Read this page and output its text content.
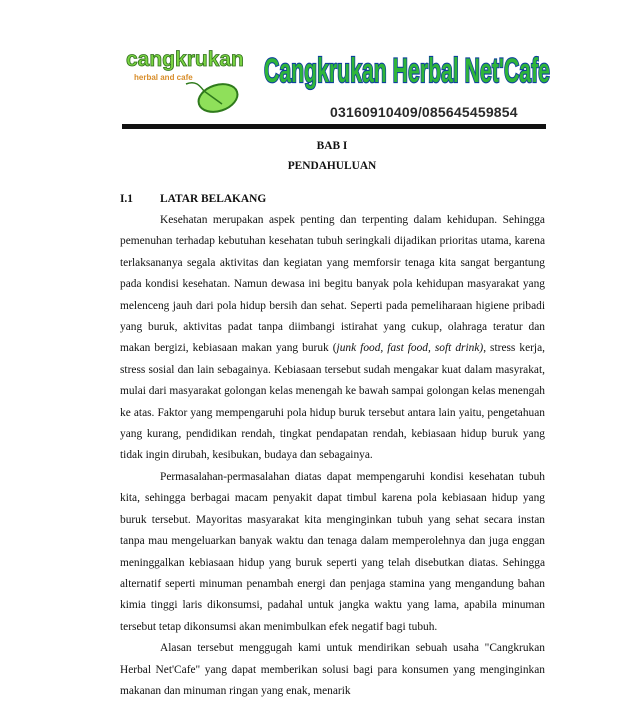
cangkrukan
herbal and cafe Cangkrukan Herbal Net'Cafe
03160910409/085645459854
BAB I
PENDAHULUAN
I.1 LATAR BELAKANG

Kesehatan merupakan aspek penting dan terpenting dalam kehidupan. Sehingga pemenuhan terhadap kebutuhan kesehatan tubuh seringkali dijadikan prioritas utama, karena terlaksananya segala aktivitas dan kegiatan yang memforsir tenaga kita sangat bergantung pada kondisi kesehatan. Namun dewasa ini begitu banyak pola kehidupan masyarakat yang melenceng jauh dari pola hidup bersih dan sehat. Seperti pada pemeliharaan higiene pribadi yang buruk, aktivitas padat tanpa diimbangi istirahat yang cukup, olahraga teratur dan makan bergizi, kebiasaan makan yang buruk (junk food, fast food, soft drink), stress kerja, stress sosial dan lain sebagainya. Kebiasaan tersebut sudah mengakar kuat dalam masyrakat, mulai dari masyarakat golongan kelas menengah ke bawah sampai golongan kelas menengah ke atas. Faktor yang mempengaruhi pola hidup buruk tersebut antara lain yaitu, pengetahuan yang kurang, pendidikan rendah, tingkat pendapatan rendah, kebiasaan hidup buruk yang tidak ingin dirubah, kesibukan, budaya dan sebagainya.

Permasalahan-permasalahan diatas dapat mempengaruhi kondisi kesehatan tubuh kita, sehingga berbagai macam penyakit dapat timbul karena pola kebiasaan hidup yang buruk tersebut. Mayoritas masyarakat kita menginginkan tubuh yang sehat secara instan tanpa mau mengeluarkan banyak waktu dan tenaga dalam memperolehnya dan juga enggan meninggalkan kebiasaan hidup yang buruk seperti yang telah disebutkan diatas. Sehingga alternatif seperti minuman penambah energi dan penjaga stamina yang mengandung bahan kimia tinggi laris dikonsumsi, padahal untuk jangka waktu yang lama, apabila minuman tersebut tetap dikonsumsi akan menimbulkan efek negatif bagi tubuh.

Alasan tersebut menggugah kami untuk mendirikan sebuah usaha "Cangkrukan Herbal Net'Cafe" yang dapat memberikan solusi bagi para konsumen yang menginginkan makanan dan minuman ringan yang enak, menarik
